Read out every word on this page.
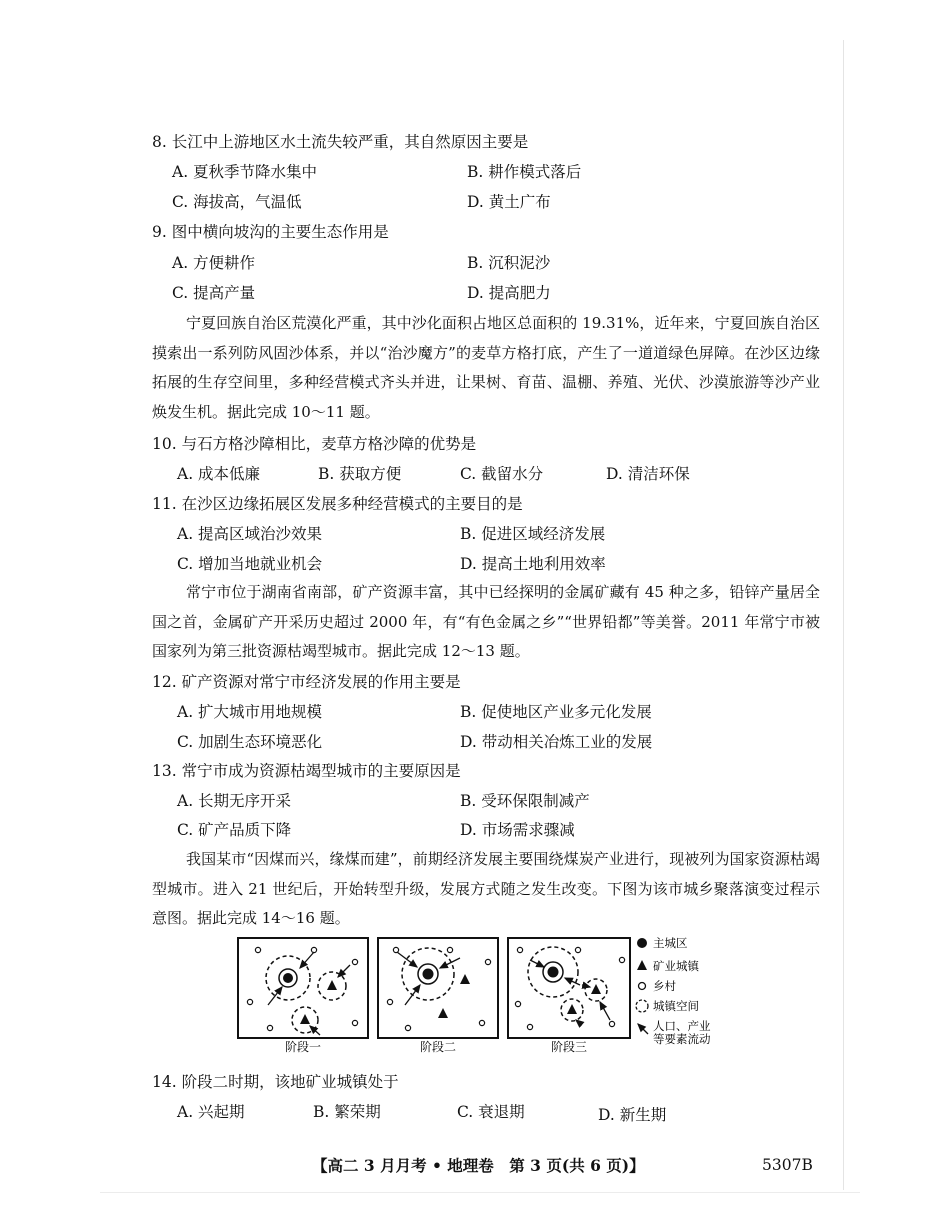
8. 长江中上游地区水土流失较严重，其自然原因主要是
A. 夏秋季节降水集中	B. 耕作模式落后
C. 海拔高，气温低	D. 黄土广布
9. 图中横向坡沟的主要生态作用是
A. 方便耕作	B. 沉积泥沙
C. 提高产量	D. 提高肥力
宁夏回族自治区荒漠化严重，其中沙化面积占地区总面积的 19.31%，近年来，宁夏回族自治区摸索出一系列防风固沙体系，并以“治沙魔方”的麦草方格打底，产生了一道道绿色屏障。在沙区边缘拓展的生存空间里，多种经营模式齐头并进，让果树、育苗、温棚、养殖、光伏、沙漠旅游等沙产业焕发生机。据此完成 10～11 题。
10. 与石方格沙障相比，麦草方格沙障的优势是
A. 成本低廉	B. 获取方便	C. 截留水分	D. 清洁环保
11. 在沙区边缘拓展区发展多种经营模式的主要目的是
A. 提高区域治沙效果	B. 促进区域经济发展
C. 增加当地就业机会	D. 提高土地利用效率
常宁市位于湖南省南部，矿产资源丰富，其中已经探明的金属矿藏有 45 种之多，铅锌产量居全国之首，金属矿产开采历史超过 2000 年，有“有色金属之乡”“世界铅都”等美誉。2011 年常宁市被国家列为第三批资源枯竭型城市。据此完成 12～13 题。
12. 矿产资源对常宁市经济发展的作用主要是
A. 扩大城市用地规模	B. 促使地区产业多元化发展
C. 加剧生态环境恶化	D. 带动相关冶炼工业的发展
13. 常宁市成为资源枯竭型城市的主要原因是
A. 长期无序开采	B. 受环保限制减产
C. 矿产品质下降	D. 市场需求骤减
我国某市“因煤而兴，缘煤而建”，前期经济发展主要围绕煤炭产业进行，现被列为国家资源枯竭型城市。进入 21 世纪后，开始转型升级，发展方式随之发生改变。下图为该市城乡聚落演变过程示意图。据此完成 14～16 题。
阶段一	阶段二	阶段三
主城区
矿业城镇
乡村
城镇空间
人口、产业
等要素流动
14. 阶段二时期，该地矿业城镇处于
A. 兴起期	B. 繁荣期	C. 衰退期	D. 新生期
【高二 3 月月考 • 地理卷　第 3 页(共 6 页)】	5307B
